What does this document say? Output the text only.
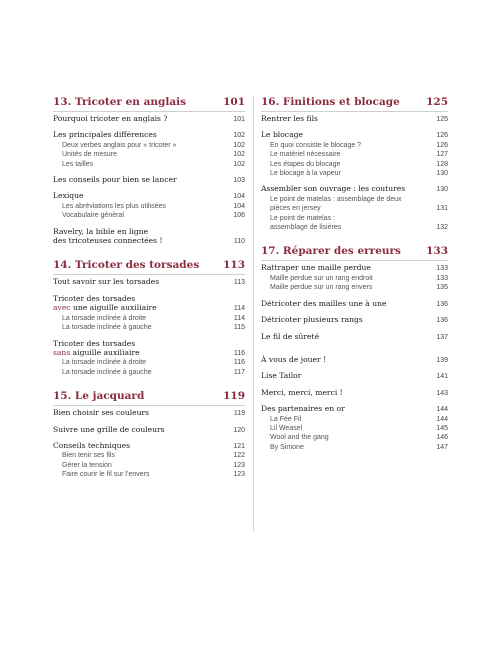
13. Tricoter en anglais	101
Pourquoi tricoter en anglais ?	101
Les principales différences	102
Deux verbes anglais pour « tricoter »	102
Unités de mesure	102
Les tailles	102
Les conseils pour bien se lancer	103
Lexique	104
Les abréviations les plus utilisées	104
Vocabulaire général	106
Ravelry, la bible en ligne
des tricoteuses connectées !	110
14. Tricoter des torsades 113
Tout savoir sur les torsades	113
Tricoter des torsades
avec une aiguille auxiliaire	114
La torsade inclinée à droite	114
La torsade inclinée à gauche	115
Tricoter des torsades
sans aiguille auxiliaire	116
La torsade inclinée à droite	116
La torsade inclinée à gauche	117
15. Le jacquard	119
Bien choisir ses couleurs	119
Suivre une grille de couleurs	120
Conseils techniques	121
Bien tenir ses fils	122
Gérer la tension	123
Faire courir le fil sur l’envers	123
16. Finitions et blocage	125
Rentrer les fils	125
Le blocage	126
En quoi consiste le blocage ?	126
Le matériel nécessaire	127
Les étapes du blocage	128
Le blocage à la vapeur	130
Assembler son ouvrage : les coutures	130
Le point de matelas : assemblage de deux
pièces en jersey	131
Le point de matelas :
assemblage de lisières	132
17. Réparer des erreurs 133
Rattraper une maille perdue	133
Maille perdue sur un rang endroit	133
Maille perdue sur un rang envers	135
Détricoter des mailles une à une	136
Détricoter plusieurs rangs	136
Le fil de sûreté	137
À vous de jouer !	139
Lise Tailor	141
Merci, merci, merci !	143
Des partenaires en or	144
La Fée Fil	144
Lil Weasel	145
Wool and the gang	146
By Simone	147
